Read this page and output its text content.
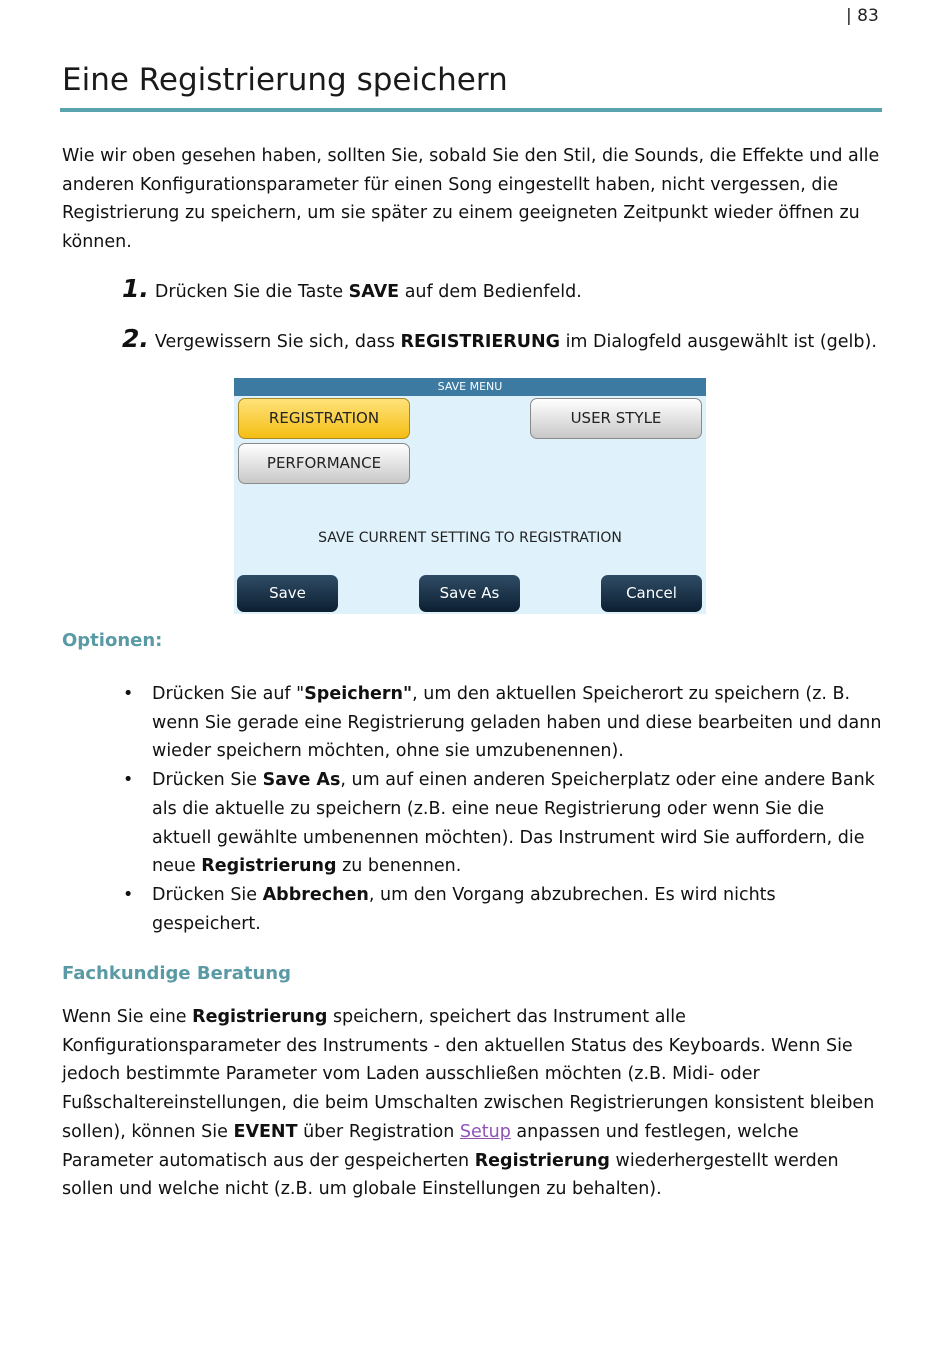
| 83
Eine Registrierung speichern

Wie wir oben gesehen haben, sollten Sie, sobald Sie den Stil, die Sounds, die Effekte und alle anderen Konfigurationsparameter für einen Song eingestellt haben, nicht vergessen, die Registrierung zu speichern, um sie später zu einem geeigneten Zeitpunkt wieder öffnen zu können.

1. Drücken Sie die Taste SAVE auf dem Bedienfeld.
2. Vergewissern Sie sich, dass REGISTRIERUNG im Dialogfeld ausgewählt ist (gelb).
SAVE MENU
REGISTRATION	USER STYLE
PERFORMANCE
SAVE CURRENT SETTING TO REGISTRATION
Save	Save As	Cancel
Optionen:
• Drücken Sie auf "Speichern", um den aktuellen Speicherort zu speichern (z. B. wenn Sie gerade eine Registrierung geladen haben und diese bearbeiten und dann wieder speichern möchten, ohne sie umzubenennen).
• Drücken Sie Save As, um auf einen anderen Speicherplatz oder eine andere Bank als die aktuelle zu speichern (z.B. eine neue Registrierung oder wenn Sie die aktuell gewählte umbenennen möchten). Das Instrument wird Sie auffordern, die neue Registrierung zu benennen.
• Drücken Sie Abbrechen, um den Vorgang abzubrechen. Es wird nichts gespeichert.
Fachkundige Beratung

Wenn Sie eine Registrierung speichern, speichert das Instrument alle Konfigurationsparameter des Instruments - den aktuellen Status des Keyboards. Wenn Sie jedoch bestimmte Parameter vom Laden ausschließen möchten (z.B. Midi- oder Fußschaltereinstellungen, die beim Umschalten zwischen Registrierungen konsistent bleiben sollen), können Sie EVENT über Registration Setup anpassen und festlegen, welche Parameter automatisch aus der gespeicherten Registrierung wiederhergestellt werden sollen und welche nicht (z.B. um globale Einstellungen zu behalten).
